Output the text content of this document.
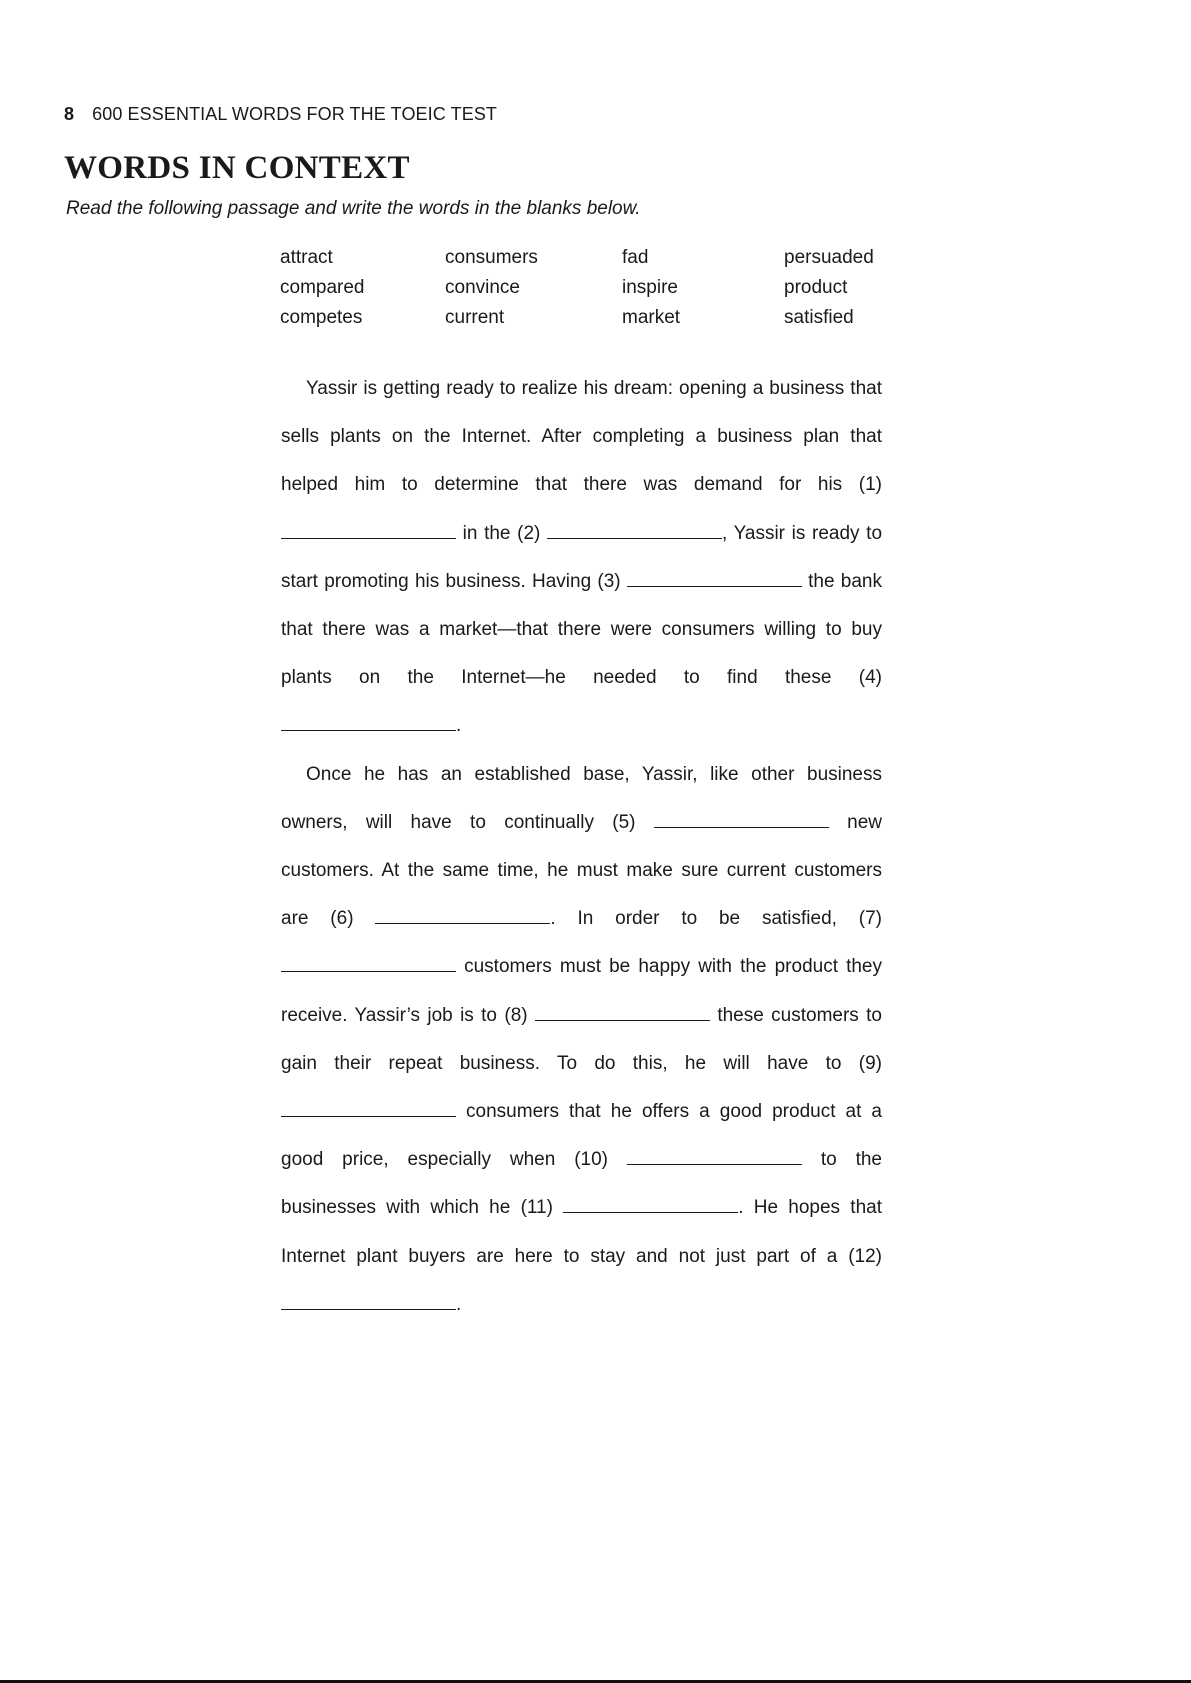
8 600 ESSENTIAL WORDS FOR THE TOEIC TEST
WORDS IN CONTEXT

Read the following passage and write the words in the blanks below.

attract	consumers	fad	persuaded
compared	convince	inspire	product
competes	current	market	satisfied

Yassir is getting ready to realize his dream: opening a business that sells plants on the Internet. After completing a business plan that helped him to determine that there was demand for his (1)  in the (2)	, Yassir is ready to start promoting his business. Having (3)	the bank that there was a market—that there were consumers willing to buy plants on the Internet—he needed to find these (4) .

Once he has an established base, Yassir, like other business owners, will have to continually (5)	new customers. At the same time, he must make sure current customers are (6)	. In order to be satisfied, (7)  customers must be happy with the product they receive. Yassir’s job is to (8)	these customers to gain their repeat business. To do this, he will have to (9)  consumers that he offers a good product at a good price, especially when (10)	to the businesses with which he (11)	. He hopes that Internet plant buyers are here to stay and not just part of a (12) .
